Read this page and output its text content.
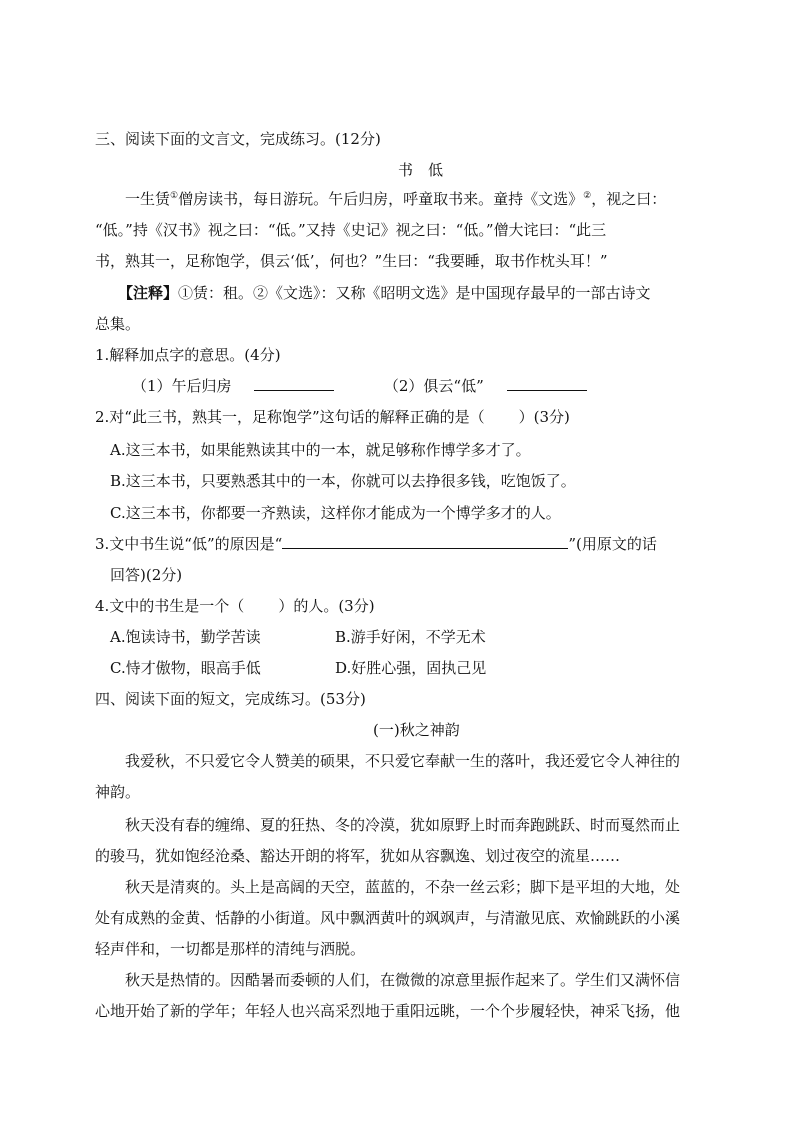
三、阅读下面的文言文，完成练习。(12分)
书　低
一生赁①僧房读书，每日游玩。午后归房，呼童取书来。童持《文选》②，视之曰：
“低。”持《汉书》视之曰：“低。”又持《史记》视之曰：“低。”僧大诧曰：“此三
书，熟其一，足称饱学，俱云‘低’，何也？”生曰：“我要睡，取书作枕头耳！”
【注释】①赁：租。②《文选》：又称《昭明文选》是中国现存最早的一部古诗文
总集。
1.解释加点字的意思。(4分)
（1）午后归房	（2）俱云“低”
2.对“此三书，熟其一，足称饱学”这句话的解释正确的是（ ）(3分)
A.这三本书，如果能熟读其中的一本，就足够称作博学多才了。
B.这三本书，只要熟悉其中的一本，你就可以去挣很多钱，吃饱饭了。
C.这三本书，你都要一齐熟读，这样你才能成为一个博学多才的人。
3.文中书生说“低”的原因是“	”(用原文的话
回答)(2分)
4.文中的书生是一个（ ）的人。(3分)
A.饱读诗书，勤学苦读	B.游手好闲，不学无术
C.恃才傲物，眼高手低	D.好胜心强，固执己见
四、阅读下面的短文，完成练习。(53分)
(一)秋之神韵
我爱秋，不只爱它令人赞美的硕果，不只爱它奉献一生的落叶，我还爱它令人神往的
神韵。
秋天没有春的缠绵、夏的狂热、冬的冷漠，犹如原野上时而奔跑跳跃、时而戛然而止
的骏马，犹如饱经沧桑、豁达开朗的将军，犹如从容飘逸、划过夜空的流星……
秋天是清爽的。头上是高阔的天空，蓝蓝的，不杂一丝云彩；脚下是平坦的大地，处
处有成熟的金黄、恬静的小街道。风中飘洒黄叶的飒飒声，与清澈见底、欢愉跳跃的小溪
轻声伴和，一切都是那样的清纯与洒脱。
秋天是热情的。因酷暑而委顿的人们，在微微的凉意里振作起来了。学生们又满怀信
心地开始了新的学年；年轻人也兴高采烈地于重阳远眺，一个个步履轻快，神采飞扬，他
